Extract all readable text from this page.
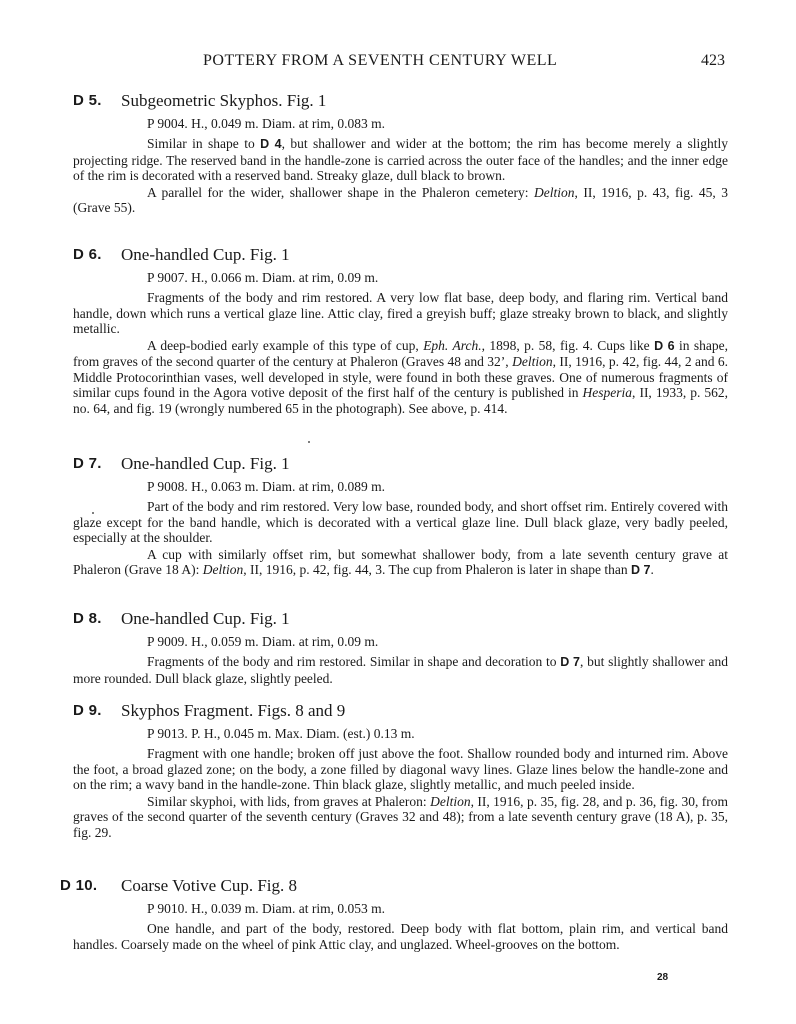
POTTERY FROM A SEVENTH CENTURY WELL	423
D 5. Subgeometric Skyphos. Fig. 1
P 9004. H., 0.049 m. Diam. at rim, 0.083 m.

Similar in shape to D 4, but shallower and wider at the bottom; the rim has become merely a slightly projecting ridge. The reserved band in the handle-zone is carried across the outer face of the handles; and the inner edge of the rim is decorated with a reserved band. Streaky glaze, dull black to brown.

A parallel for the wider, shallower shape in the Phaleron cemetery: Deltion, II, 1916, p. 43, fig. 45, 3 (Grave 55).

D 6. One-handled Cup. Fig. 1
P 9007. H., 0.066 m. Diam. at rim, 0.09 m.

Fragments of the body and rim restored. A very low flat base, deep body, and flaring rim. Vertical band handle, down which runs a vertical glaze line. Attic clay, fired a greyish buff; glaze streaky brown to black, and slightly metallic.

A deep-bodied early example of this type of cup, Eph. Arch., 1898, p. 58, fig. 4. Cups like D 6 in shape, from graves of the second quarter of the century at Phaleron (Graves 48 and 32’, Deltion, II, 1916, p. 42, fig. 44, 2 and 6. Middle Protocorinthian vases, well developed in style, were found in both these graves. One of numerous fragments of similar cups found in the Agora votive deposit of the first half of the century is published in Hesperia, II, 1933, p. 562, no. 64, and fig. 19 (wrongly numbered 65 in the photograph). See above, p. 414.

D 7. One-handled Cup. Fig. 1
P 9008. H., 0.063 m. Diam. at rim, 0.089 m.

Part of the body and rim restored. Very low base, rounded body, and short offset rim. Entirely covered with glaze except for the band handle, which is decorated with a vertical glaze line. Dull black glaze, very badly peeled, especially at the shoulder.

A cup with similarly offset rim, but somewhat shallower body, from a late seventh century grave at Phaleron (Grave 18 A): Deltion, II, 1916, p. 42, fig. 44, 3. The cup from Phaleron is later in shape than D 7.

D 8. One-handled Cup. Fig. 1
P 9009. H., 0.059 m. Diam. at rim, 0.09 m.

Fragments of the body and rim restored. Similar in shape and decoration to D 7, but slightly shallower and more rounded. Dull black glaze, slightly peeled.

D 9. Skyphos Fragment. Figs. 8 and 9
P 9013. P. H., 0.045 m. Max. Diam. (est.) 0.13 m.

Fragment with one handle; broken off just above the foot. Shallow rounded body and inturned rim. Above the foot, a broad glazed zone; on the body, a zone filled by diagonal wavy lines. Glaze lines below the handle-zone and on the rim; a wavy band in the handle-zone. Thin black glaze, slightly metallic, and much peeled inside.

Similar skyphoi, with lids, from graves at Phaleron: Deltion, II, 1916, p. 35, fig. 28, and p. 36, fig. 30, from graves of the second quarter of the seventh century (Graves 32 and 48); from a late seventh century grave (18 A), p. 35, fig. 29.

D 10. Coarse Votive Cup. Fig. 8
P 9010. H., 0.039 m. Diam. at rim, 0.053 m.

One handle, and part of the body, restored. Deep body with flat bottom, plain rim, and vertical band handles. Coarsely made on the wheel of pink Attic clay, and unglazed. Wheel-grooves on the bottom.

28
